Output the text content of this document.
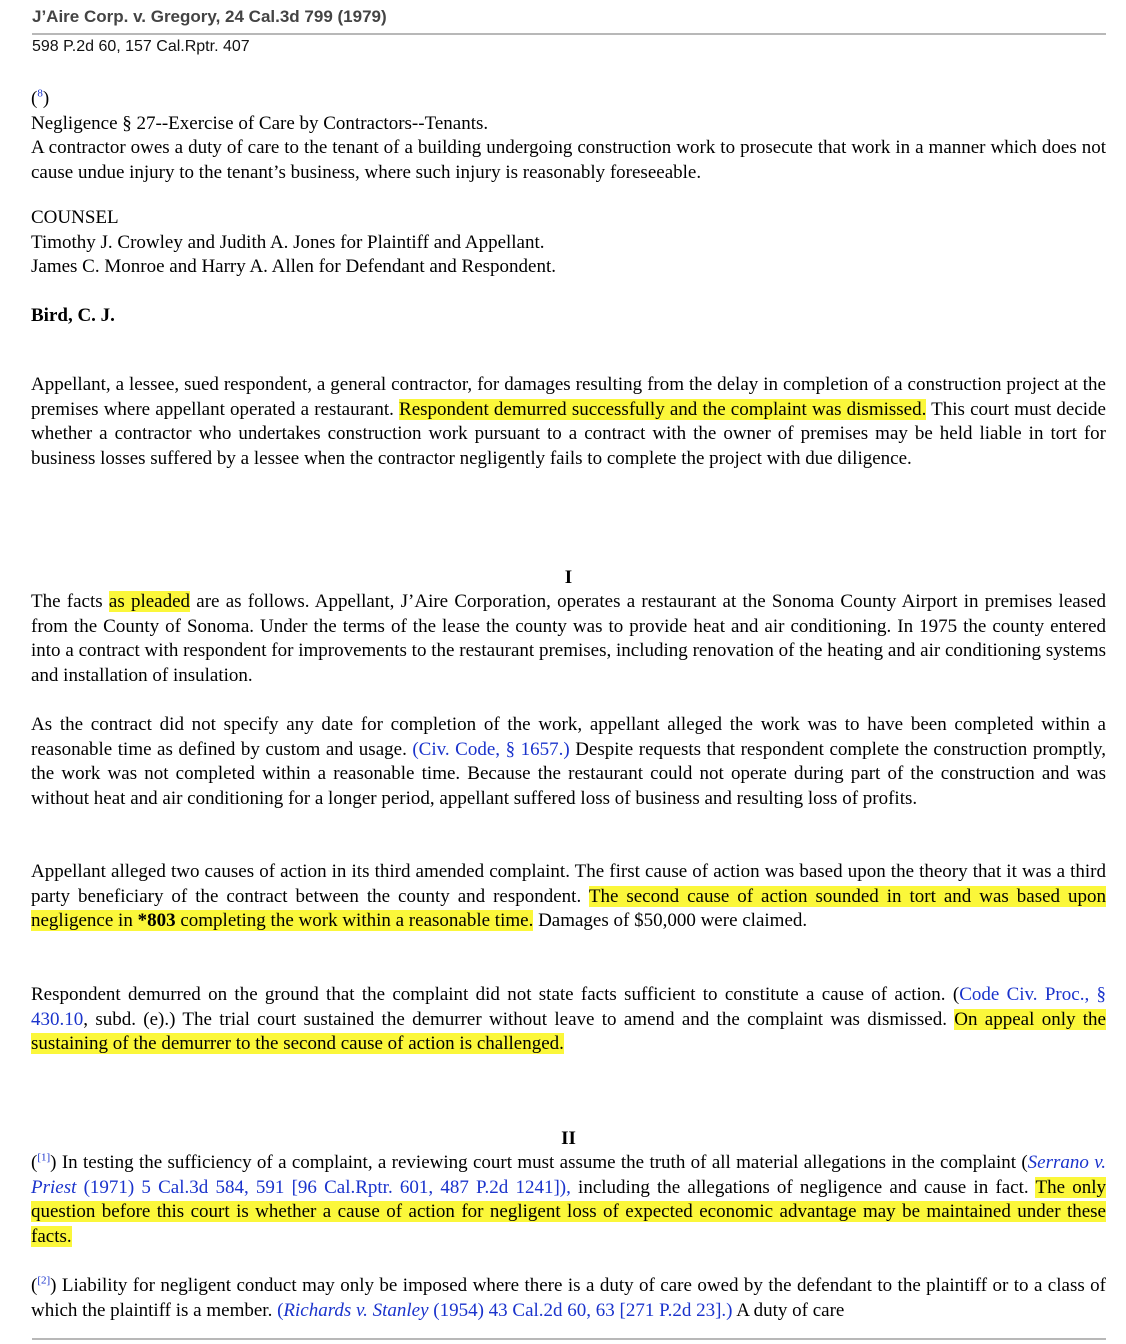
J’Aire Corp. v. Gregory, 24 Cal.3d 799 (1979)
598 P.2d 60, 157 Cal.Rptr. 407
($^8$)
Negligence § 27--Exercise of Care by Contractors--Tenants.
A contractor owes a duty of care to the tenant of a building undergoing construction work to prosecute that work in a manner which does not cause undue injury to the tenant’s business, where such injury is reasonably foreseeable.
COUNSEL
Timothy J. Crowley and Judith A. Jones for Plaintiff and Appellant.
James C. Monroe and Harry A. Allen for Defendant and Respondent.
Bird, C. J.
Appellant, a lessee, sued respondent, a general contractor, for damages resulting from the delay in completion of a construction project at the premises where appellant operated a restaurant. Respondent demurred successfully and the complaint was dismissed. This court must decide whether a contractor who undertakes construction work pursuant to a contract with the owner of premises may be held liable in tort for business losses suffered by a lessee when the contractor negligently fails to complete the project with due diligence.
I
The facts as pleaded are as follows. Appellant, J’Aire Corporation, operates a restaurant at the Sonoma County Airport in premises leased from the County of Sonoma. Under the terms of the lease the county was to provide heat and air conditioning. In 1975 the county entered into a contract with respondent for improvements to the restaurant premises, including renovation of the heating and air conditioning systems and installation of insulation.
As the contract did not specify any date for completion of the work, appellant alleged the work was to have been completed within a reasonable time as defined by custom and usage. (Civ. Code, § 1657.) Despite requests that respondent complete the construction promptly, the work was not completed within a reasonable time. Because the restaurant could not operate during part of the construction and was without heat and air conditioning for a longer period, appellant suffered loss of business and resulting loss of profits.
Appellant alleged two causes of action in its third amended complaint. The first cause of action was based upon the theory that it was a third party beneficiary of the contract between the county and respondent. The second cause of action sounded in tort and was based upon negligence in *803 completing the work within a reasonable time. Damages of $50,000 were claimed.
Respondent demurred on the ground that the complaint did not state facts sufficient to constitute a cause of action. (Code Civ. Proc., § 430.10, subd. (e).) The trial court sustained the demurrer without leave to amend and the complaint was dismissed. On appeal only the sustaining of the demurrer to the second cause of action is challenged.
II
([1]) In testing the sufficiency of a complaint, a reviewing court must assume the truth of all material allegations in the complaint (Serrano v. Priest (1971) 5 Cal.3d 584, 591 [96 Cal.Rptr. 601, 487 P.2d 1241]), including the allegations of negligence and cause in fact. The only question before this court is whether a cause of action for negligent loss of expected economic advantage may be maintained under these facts.
([2]) Liability for negligent conduct may only be imposed where there is a duty of care owed by the defendant to the plaintiff or to a class of which the plaintiff is a member. (Richards v. Stanley (1954) 43 Cal.2d 60, 63 [271 P.2d 23].) A duty of care
